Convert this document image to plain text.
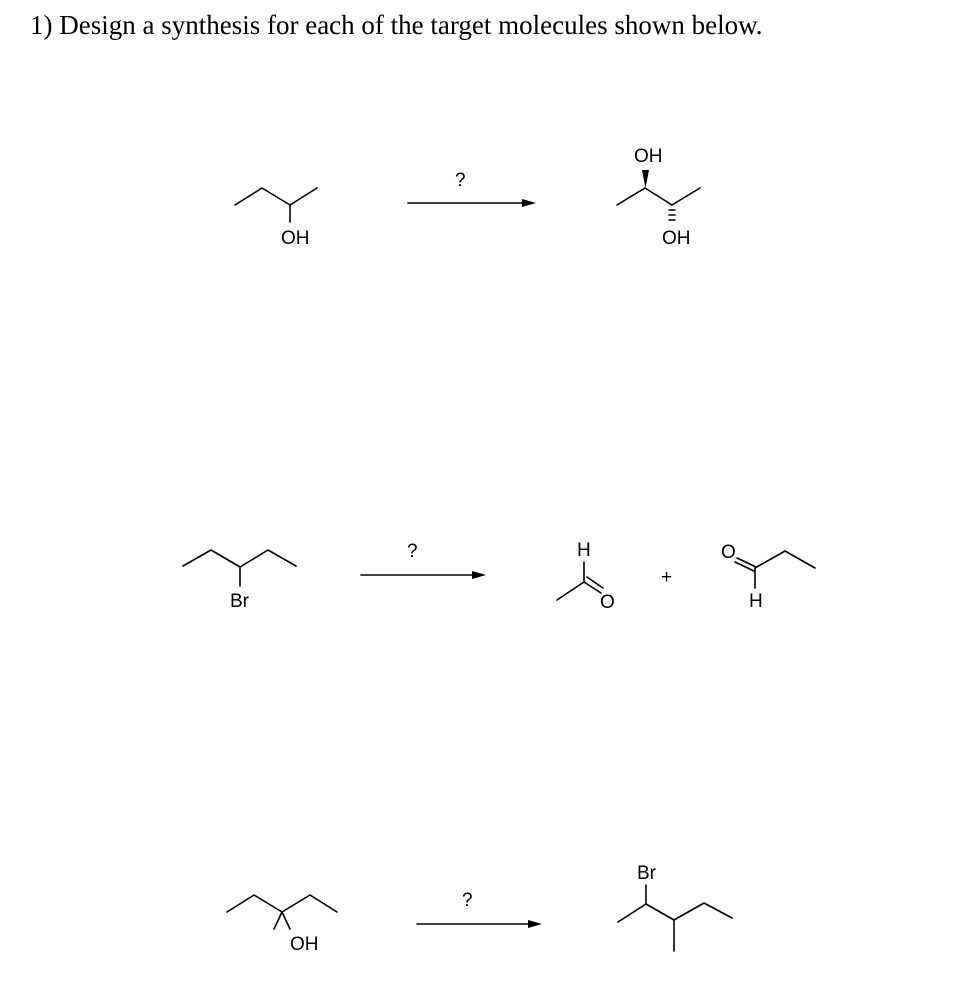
1) Design a synthesis for each of the target molecules shown below.
OH
?
OH
OH
Br
?	H
O
+
O
H
OH
?
Br
